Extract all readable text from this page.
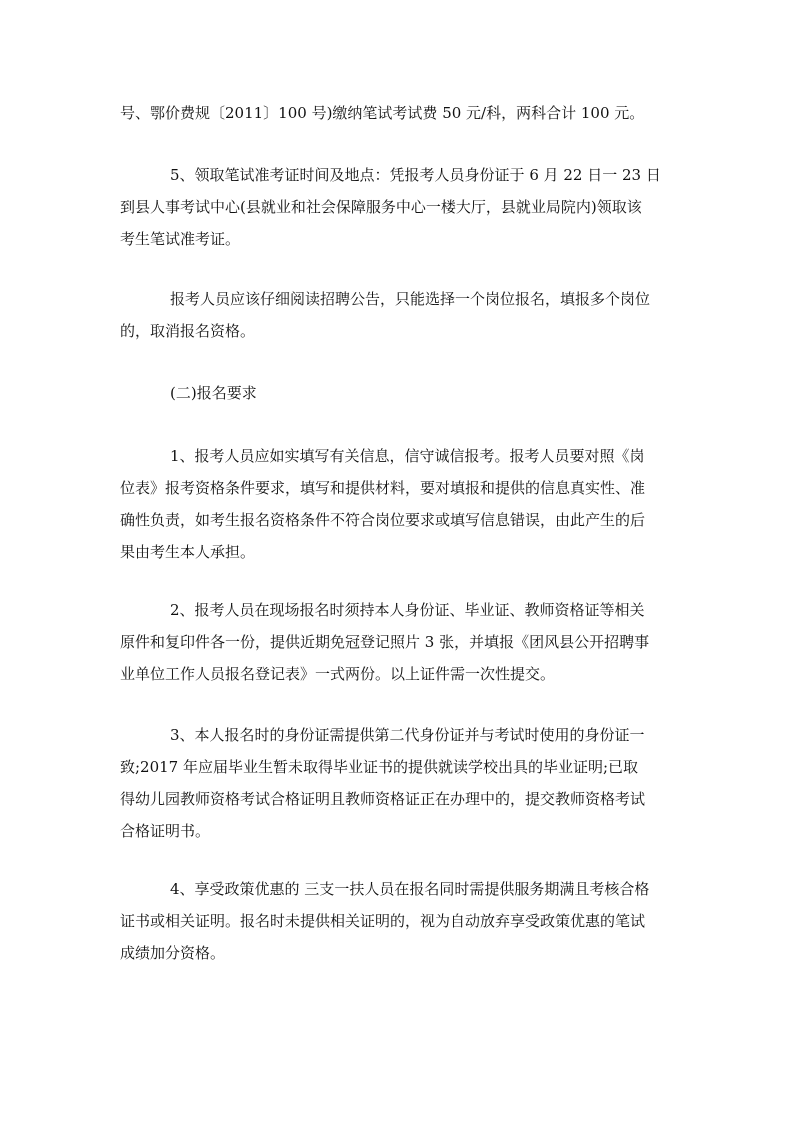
号、鄂价费规〔2011〕100 号)缴纳笔试考试费 50 元/科，两科合计 100 元。
5、领取笔试准考证时间及地点：凭报考人员身份证于 6 月 22 日一 23 日
到县人事考试中心(县就业和社会保障服务中心一楼大厅，县就业局院内)领取该
考生笔试准考证。
报考人员应该仔细阅读招聘公告，只能选择一个岗位报名，填报多个岗位
的，取消报名资格。
(二)报名要求
1、报考人员应如实填写有关信息，信守诚信报考。报考人员要对照《岗
位表》报考资格条件要求，填写和提供材料，要对填报和提供的信息真实性、准
确性负责，如考生报名资格条件不符合岗位要求或填写信息错误，由此产生的后
果由考生本人承担。
2、报考人员在现场报名时须持本人身份证、毕业证、教师资格证等相关
原件和复印件各一份，提供近期免冠登记照片 3 张，并填报《团风县公开招聘事
业单位工作人员报名登记表》一式两份。以上证件需一次性提交。
3、本人报名时的身份证需提供第二代身份证并与考试时使用的身份证一
致;2017 年应届毕业生暂未取得毕业证书的提供就读学校出具的毕业证明;已取
得幼儿园教师资格考试合格证明且教师资格证正在办理中的，提交教师资格考试
合格证明书。
4、享受政策优惠的 三支一扶人员在报名同时需提供服务期满且考核合格
证书或相关证明。报名时未提供相关证明的，视为自动放弃享受政策优惠的笔试
成绩加分资格。
